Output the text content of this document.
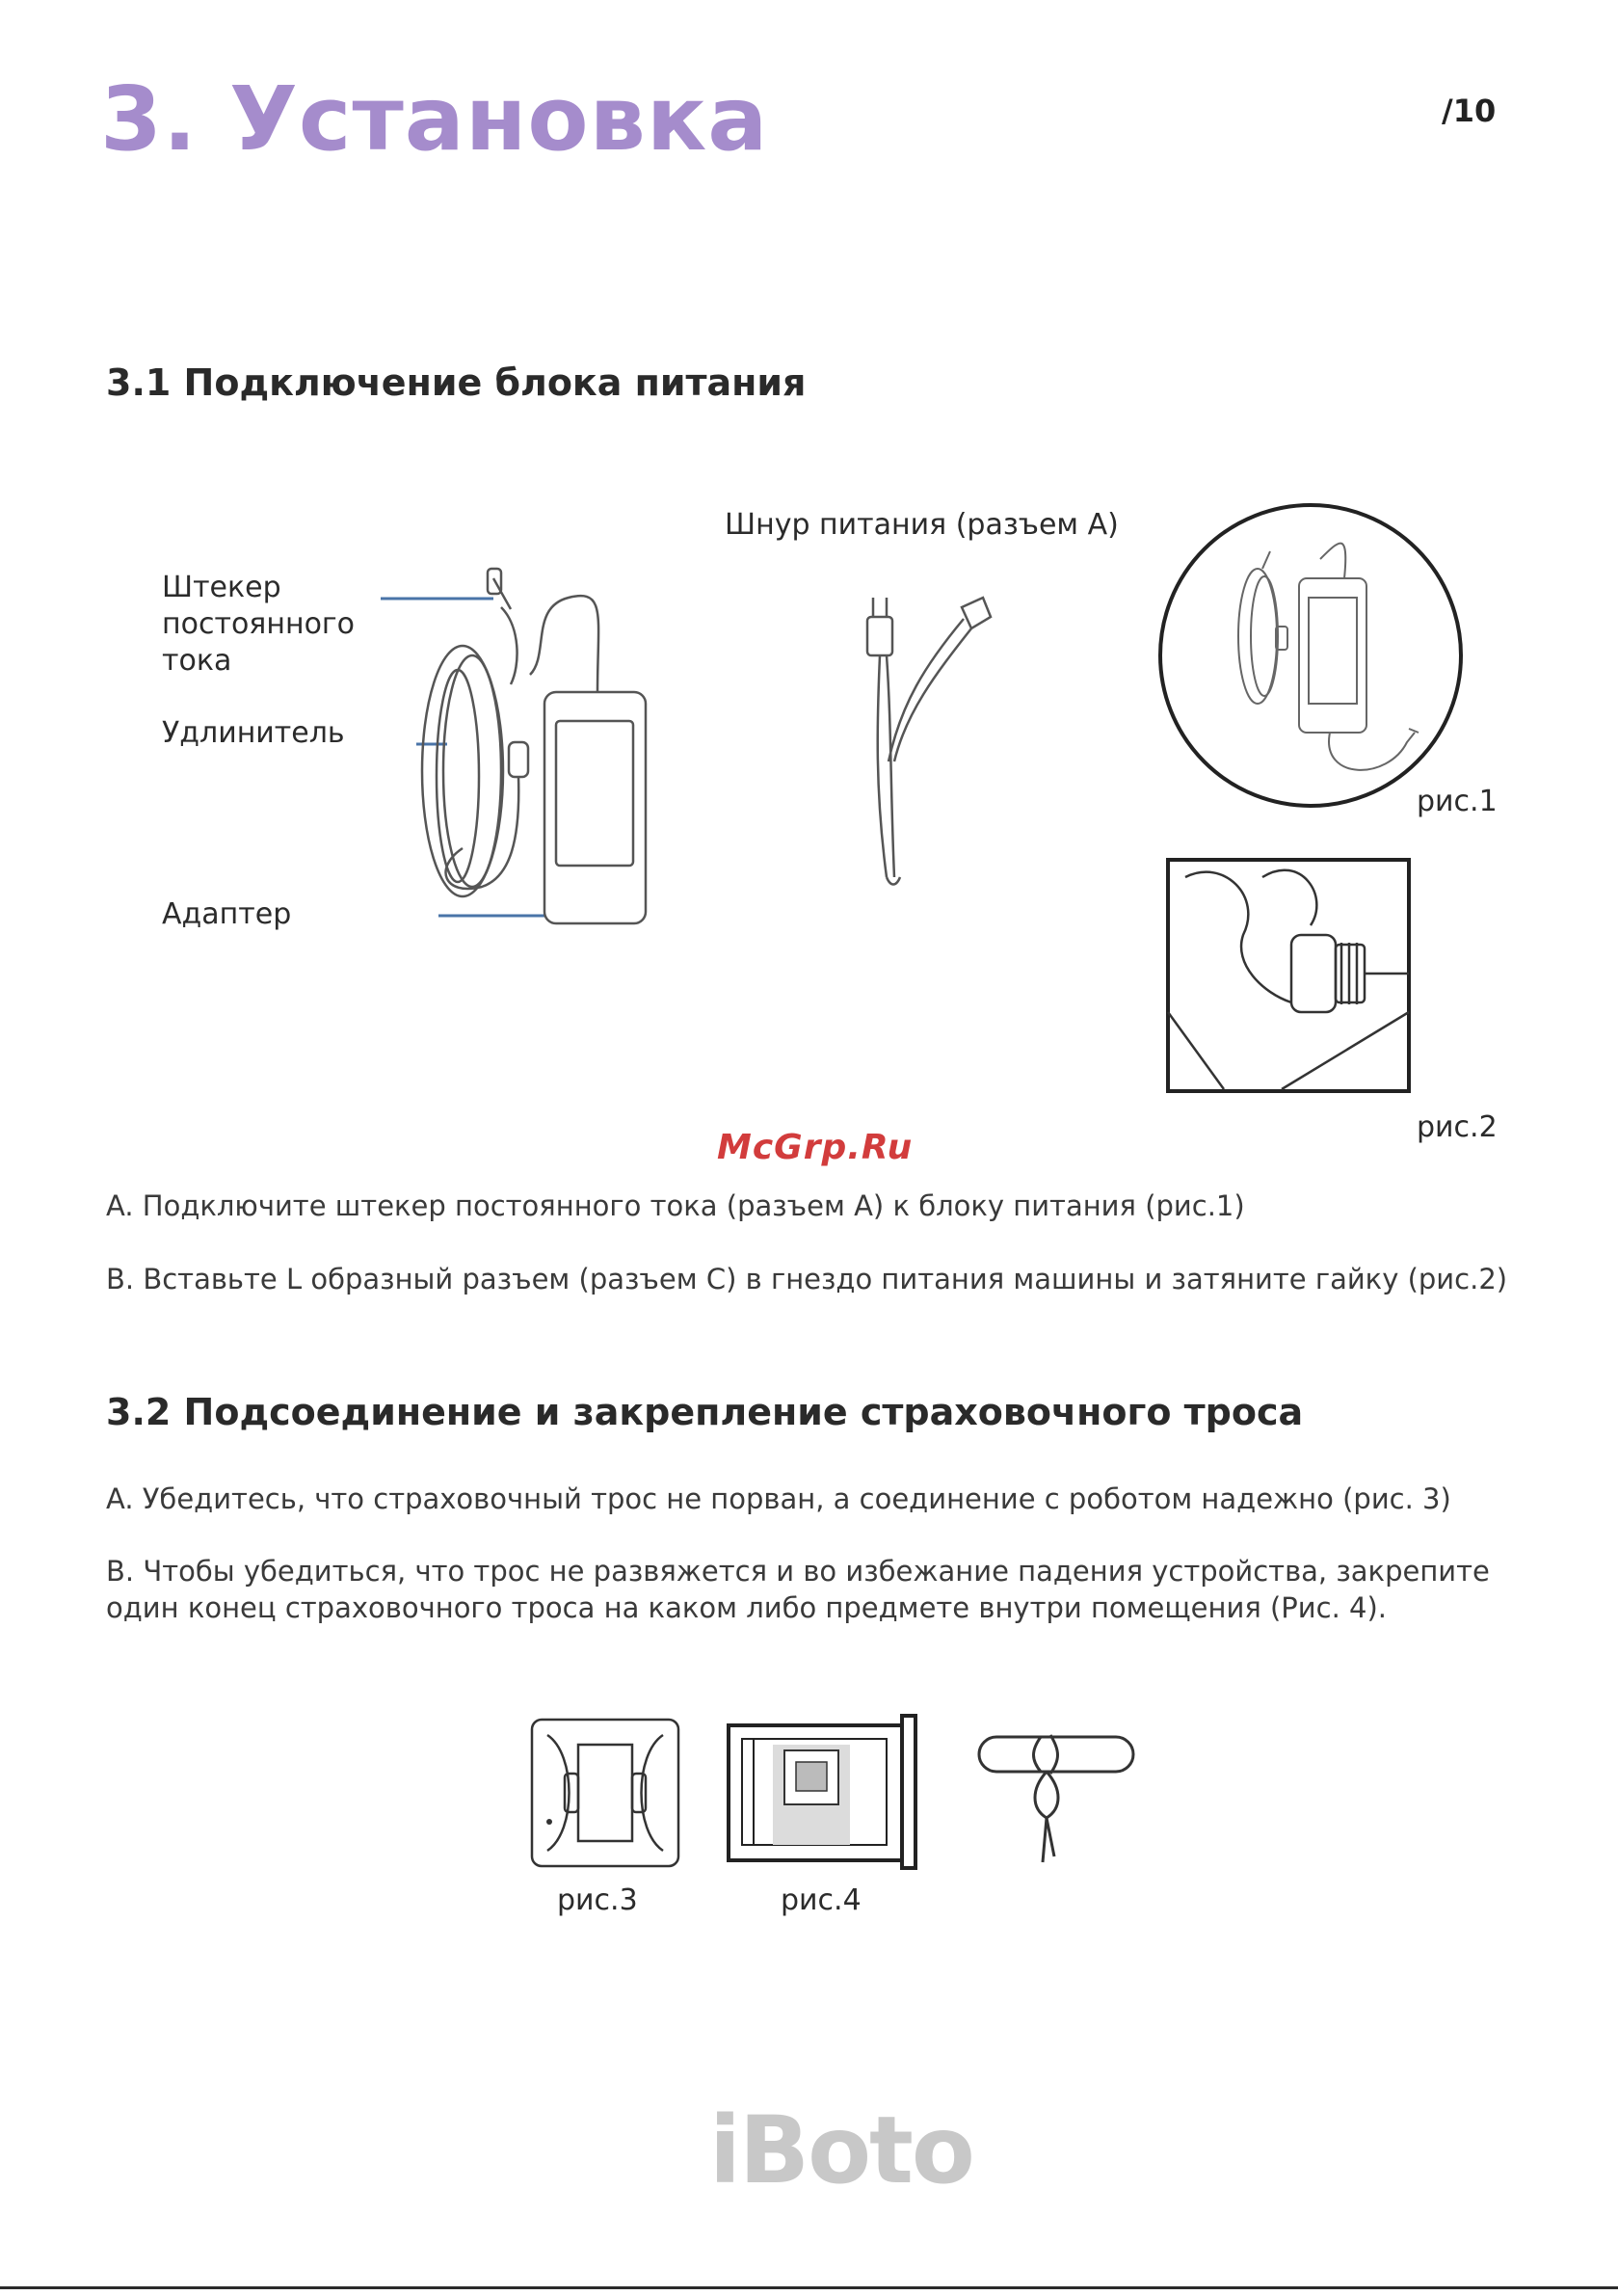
3. Установка	/10
3.1 Подключение блока питания
Штекер
постоянного
тока
Удлинитель
Адаптер
Шнур питания (разъем А)
рис.1
рис.2
McGrp.Ru
A. Подключите штекер постоянного тока (разъем А) к блоку питания (рис.1)
B. Вставьте L образный разъем (разъем С) в гнездо питания машины и затяните гайку (рис.2)
3.2 Подсоединение и закрепление страховочного троса
A. Убедитесь, что страховочный трос не порван, а соединение с роботом надежно (рис. 3)
B. Чтобы убедиться, что трос не развяжется и во избежание падения устройства, закрепите
один конец страховочного троса на каком либо предмете внутри помещения (Рис. 4).
рис.3	рис.4
iBoto
